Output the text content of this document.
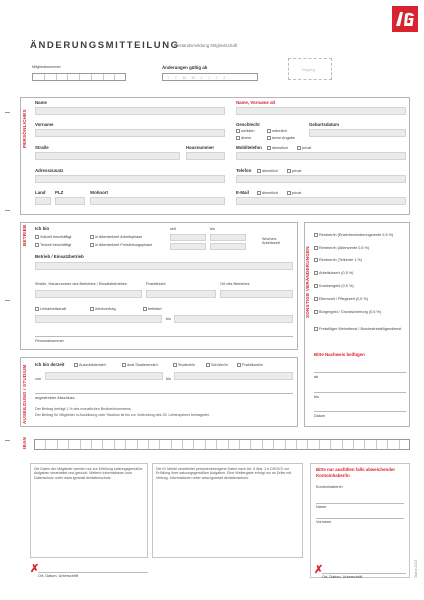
ÄNDERUNGSMITTEILUNG
Bestandsmeldung Mitgliedschaft
Mitgliedsnummer	Änderungen gültig ab
T T M M J J J J
Eingang
PERSÖNLICHES
Name	Name, Vorname alt
Vorname	Geschlecht
weiblich	männlich
divers	keine Angabe
Geburtsdatum
Straße	Hausnummer	Mobiltelefon	dienstlich	privat
Adresszusatz	Telefon	dienstlich	privat
Land PLZ	Wohnort	E-Mail	dienstlich	privat
BETRIEB Ich bin	seit	bis
Vollzeit beschäftigt
Teilzeit beschäftigt
in Altersteilzeit Arbeitsphase
in Altersteilzeit Freistellungsphase
Wochen-Arbeitszeit
Betrieb / Einsatzbetrieb
Straße, Hausnummer des Betriebes / Einsatzbetriebes	Postleitzahl	Ort des Betriebes
Leiharbeitskraft	Werkvertrag	befristet
bis
Personalnummer
AUSBILDUNG / STUDIUM
Ich bin derzeit	Auszubildende/r	dual Studierende/r	Student/in	Schüler/in	Praktikant/in
von	bis
angestrebter Abschluss
Der Beitrag beträgt 1 % des monatlichen Bruttoeinkommens.
Der Beitrag für Mitglieder in Ausbildung oder Studium ist bis zur Vollendung des 25. Lebensjahres beitragsfrei.
SONSTIGE VERÄNDERUNGEN
Rentner/in (Erwerbsminderungsrente 0,5 %)
Rentner/in (Altersrente 0,5 %)
Rentner/in (Teilrente 1 %)
Arbeitslose/r (0,5 %)
Krankengeld (0,5 %)
Elternzeit / Pflegezeit (0,5 %)
Bürgergeld / Grundsicherung (0,5 %)
Freiwilliger Wehrdienst / Bundesfreiwilligendienst
Bitte Nachweis beifügen
ab
bis
Datum
IBAN
Die Daten der Mitglieder werden nur zur Erfüllung satzungsgemäßer Aufgaben verarbeitet und genutzt. Weitere Informationen zum Datenschutz unter www.igmetall.de/datenschutz.
Die IG Metall verarbeitet personenbezogene Daten nach Art. 6 Abs. 1 b DSGVO zur Erfüllung ihrer satzungsgemäßen Aufgaben. Eine Weitergabe erfolgt nur an Dritte mit Vertrag. Informationen unter www.igmetall.de/datenschutz.
Bitte nur ausfüllen falls abweichender Kontoinhaber/in
Kontoinhaber/in
Name
Vorname
✗
Ort, Datum, Unterschrift	✗
Ort, Datum, Unterschrift	Stand 2023
